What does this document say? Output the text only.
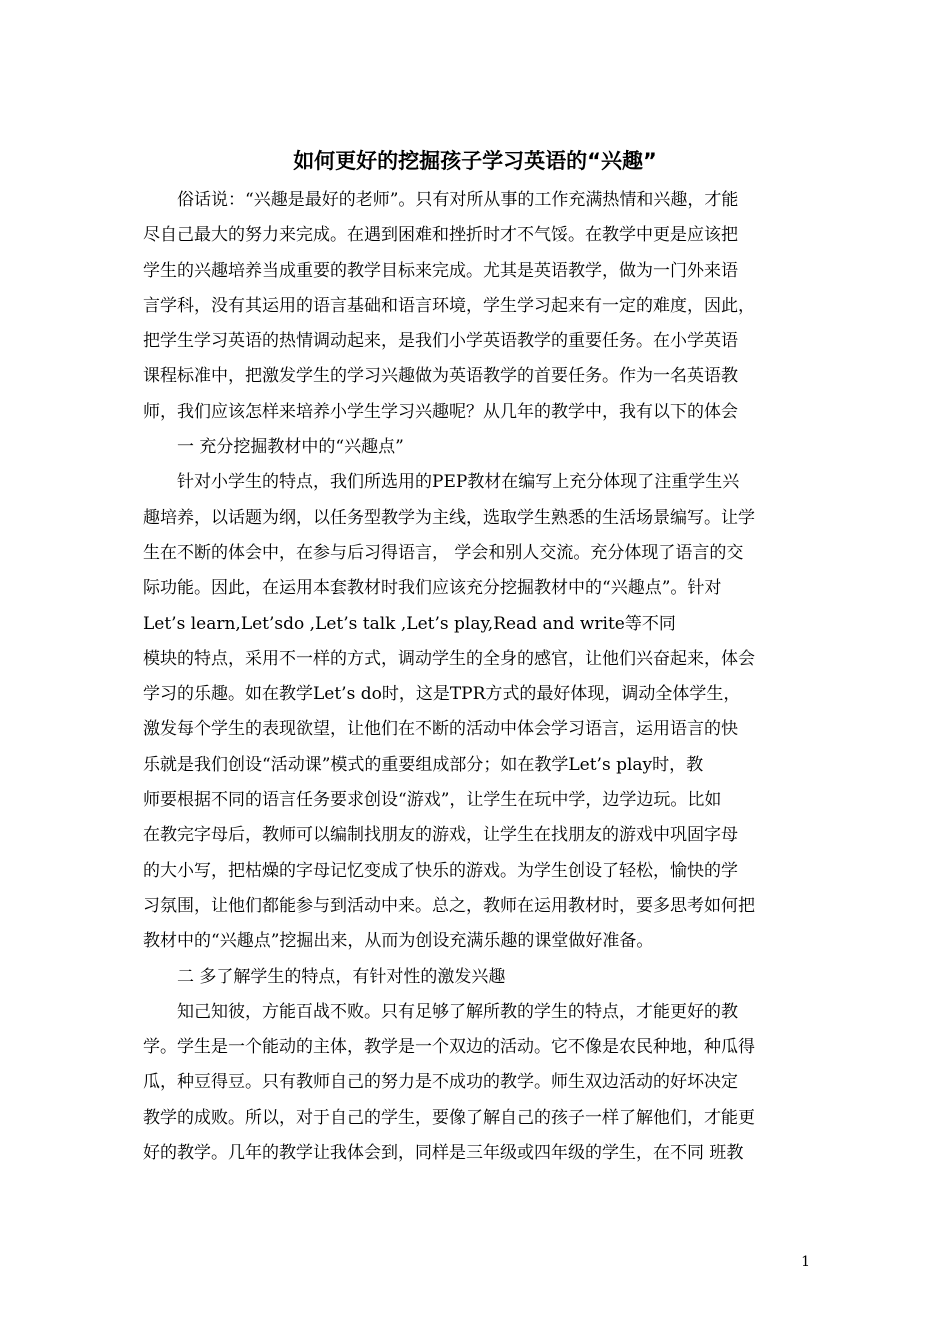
如何更好的挖掘孩子学习英语的“兴趣”
俗话说：“兴趣是最好的老师”。只有对所从事的工作充满热情和兴趣，才能
尽自己最大的努力来完成。在遇到困难和挫折时才不气馁。在教学中更是应该把
学生的兴趣培养当成重要的教学目标来完成。尤其是英语教学，做为一门外来语
言学科，没有其运用的语言基础和语言环境，学生学习起来有一定的难度，因此，
把学生学习英语的热情调动起来，是我们小学英语教学的重要任务。在小学英语
课程标准中，把激发学生的学习兴趣做为英语教学的首要任务。作为一名英语教
师，我们应该怎样来培养小学生学习兴趣呢？从几年的教学中，我有以下的体会
一 充分挖掘教材中的“兴趣点”
针对小学生的特点，我们所选用的PEP教材在编写上充分体现了注重学生兴
趣培养，以话题为纲，以任务型教学为主线，选取学生熟悉的生活场景编写。让学
生在不断的体会中，在参与后习得语言， 学会和别人交流。充分体现了语言的交
际功能。因此，在运用本套教材时我们应该充分挖掘教材中的“兴趣点”。针对
Let’s learn,Let’sdo ,Let’s talk ,Let’s play,Read and write等不同
模块的特点，采用不一样的方式，调动学生的全身的感官，让他们兴奋起来，体会
学习的乐趣。如在教学Let’s do时，这是TPR方式的最好体现，调动全体学生，
激发每个学生的表现欲望，让他们在不断的活动中体会学习语言，运用语言的快
乐就是我们创设“活动课”模式的重要组成部分；如在教学Let’s play时，教
师要根据不同的语言任务要求创设“游戏”，让学生在玩中学，边学边玩。比如
在教完字母后，教师可以编制找朋友的游戏，让学生在找朋友的游戏中巩固字母
的大小写，把枯燥的字母记忆变成了快乐的游戏。为学生创设了轻松，愉快的学
习氛围，让他们都能参与到活动中来。总之，教师在运用教材时，要多思考如何把
教材中的“兴趣点”挖掘出来，从而为创设充满乐趣的课堂做好准备。
二 多了解学生的特点，有针对性的激发兴趣
知己知彼，方能百战不败。只有足够了解所教的学生的特点，才能更好的教
学。学生是一个能动的主体，教学是一个双边的活动。它不像是农民种地，种瓜得
瓜，种豆得豆。只有教师自己的努力是不成功的教学。师生双边活动的好坏决定
教学的成败。所以，对于自己的学生，要像了解自己的孩子一样了解他们，才能更
好的教学。几年的教学让我体会到，同样是三年级或四年级的学生，在不同 班教
1
